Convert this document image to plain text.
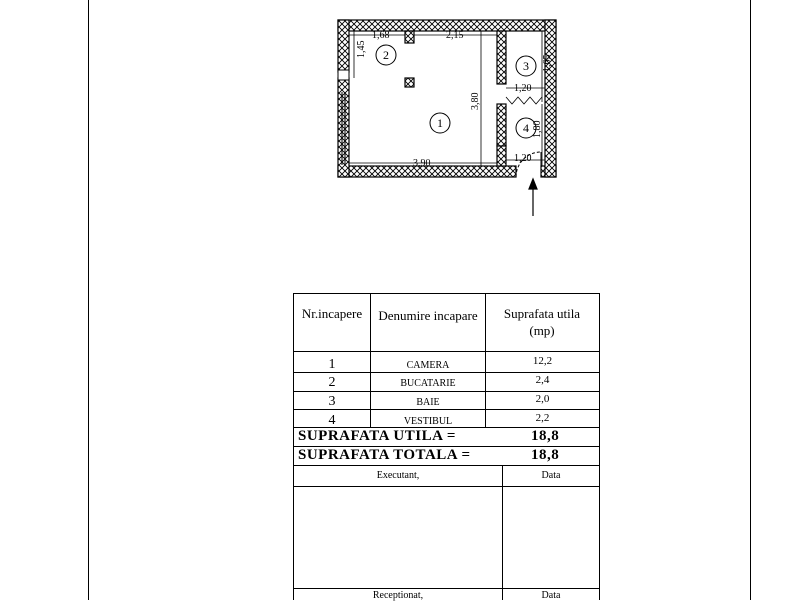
1
2
3
4
1,68	2,15
1,45
3,80
1,65
1,20
1,80
1,20
3,90
Nr.incapere	Denumire incapare	Suprafata utila (mp)
1	CAMERA	12,2
2	BUCATARIE	2,4
3	BAIE	2,0
4	VESTIBUL	2,2
SUPRAFATA UTILA =	18,8
SUPRAFATA TOTALA =	18,8
Executant,	Data
Receptionat,	Data
